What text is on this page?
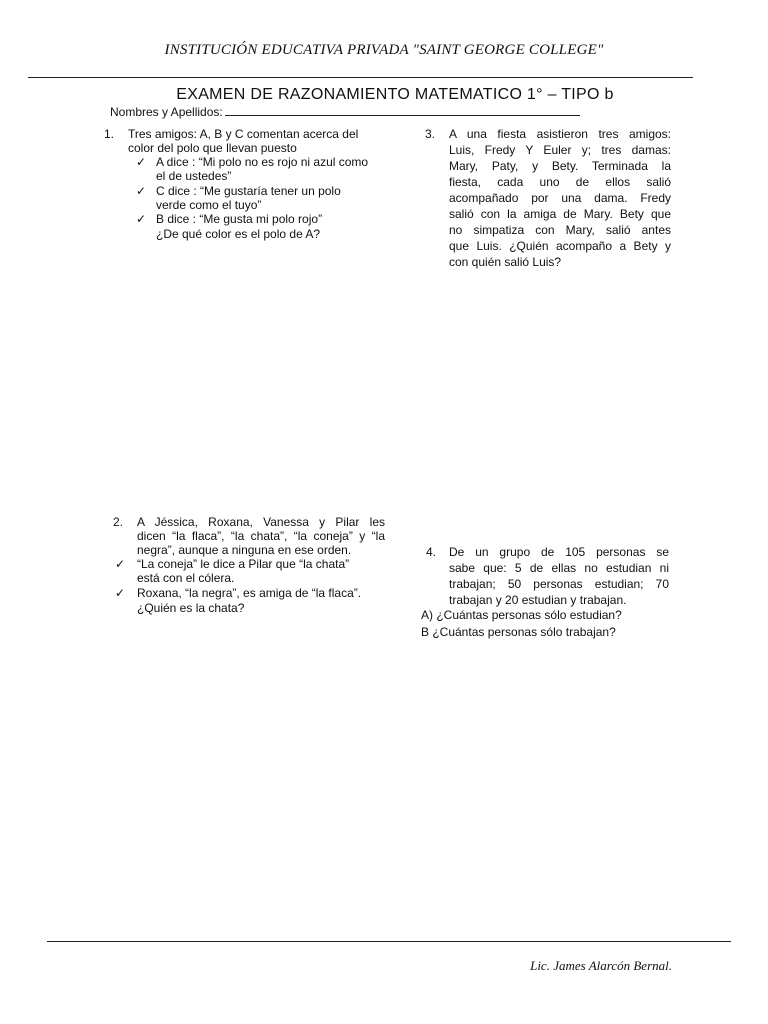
INSTITUCIÓN EDUCATIVA PRIVADA "SAINT GEORGE COLLEGE"
EXAMEN DE RAZONAMIENTO MATEMATICO 1° – TIPO b
Nombres y Apellidos:
1. Tres amigos: A, B y C comentan acerca del
color del polo que llevan puesto
✓ A dice : “Mi polo no es rojo ni azul como
el de ustedes”
✓ C dice : “Me gustaría tener un polo
verde como el tuyo”
✓ B dice : “Me gusta mi polo rojo”
¿De qué color es el polo de A?
3. A una fiesta asistieron tres amigos:
Luis, Fredy Y Euler y; tres damas:
Mary, Paty, y Bety. Terminada la
fiesta, cada uno de ellos salió
acompañado por una dama. Fredy
salió con la amiga de Mary. Bety que
no simpatiza con Mary, salió antes
que Luis. ¿Quién acompaño a Bety y
con quién salió Luis?
2. A Jéssica, Roxana, Vanessa y Pilar les
dicen “la flaca”, “la chata”, “la coneja” y “la
negra”, aunque a ninguna en ese orden.
✓ “La coneja” le dice a Pilar que “la chata”
está con el cólera.
✓ Roxana, “la negra”, es amiga de “la flaca”.
¿Quién es la chata?
4. De un grupo de 105 personas se
sabe que: 5 de ellas no estudian ni
trabajan; 50 personas estudian; 70
trabajan y 20 estudian y trabajan.
A) ¿Cuántas personas sólo estudian?
B ¿Cuántas personas sólo trabajan?
Lic. James Alarcón Bernal.
